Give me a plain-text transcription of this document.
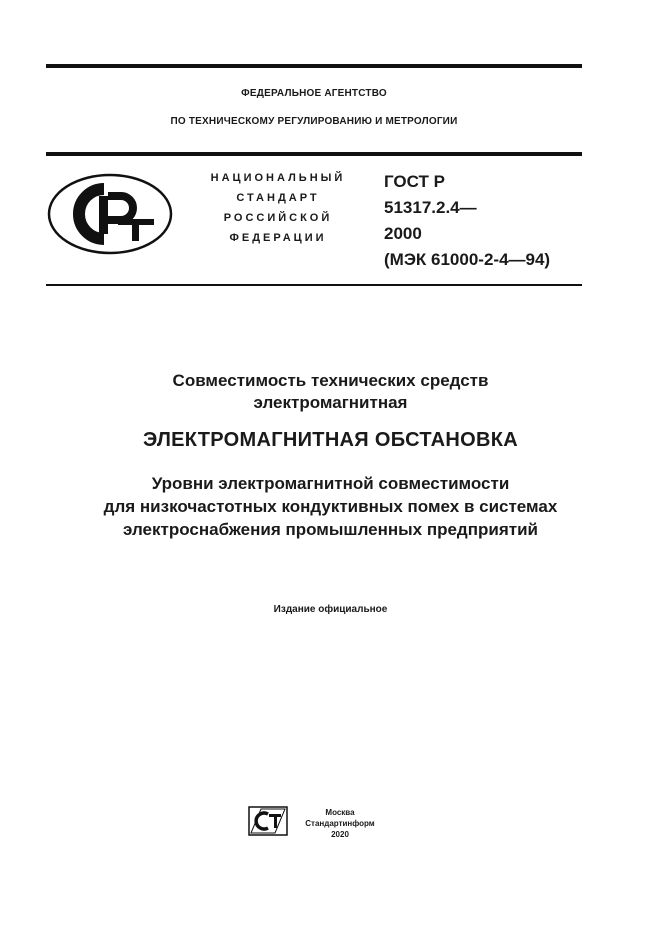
ФЕДЕРАЛЬНОЕ АГЕНТСТВО
ПО ТЕХНИЧЕСКОМУ РЕГУЛИРОВАНИЮ И МЕТРОЛОГИИ
НАЦИОНАЛЬНЫЙ
СТАНДАРТ
РОССИЙСКОЙ
ФЕДЕРАЦИИ
ГОСТ Р
51317.2.4—
2000
(МЭК 61000-2-4—94)
Совместимость технических средств
электромагнитная
ЭЛЕКТРОМАГНИТНАЯ ОБСТАНОВКА
Уровни электромагнитной совместимости
для низкочастотных кондуктивных помех в системах
электроснабжения промышленных предприятий
Издание официальное
Москва
Стандартинформ
2020
